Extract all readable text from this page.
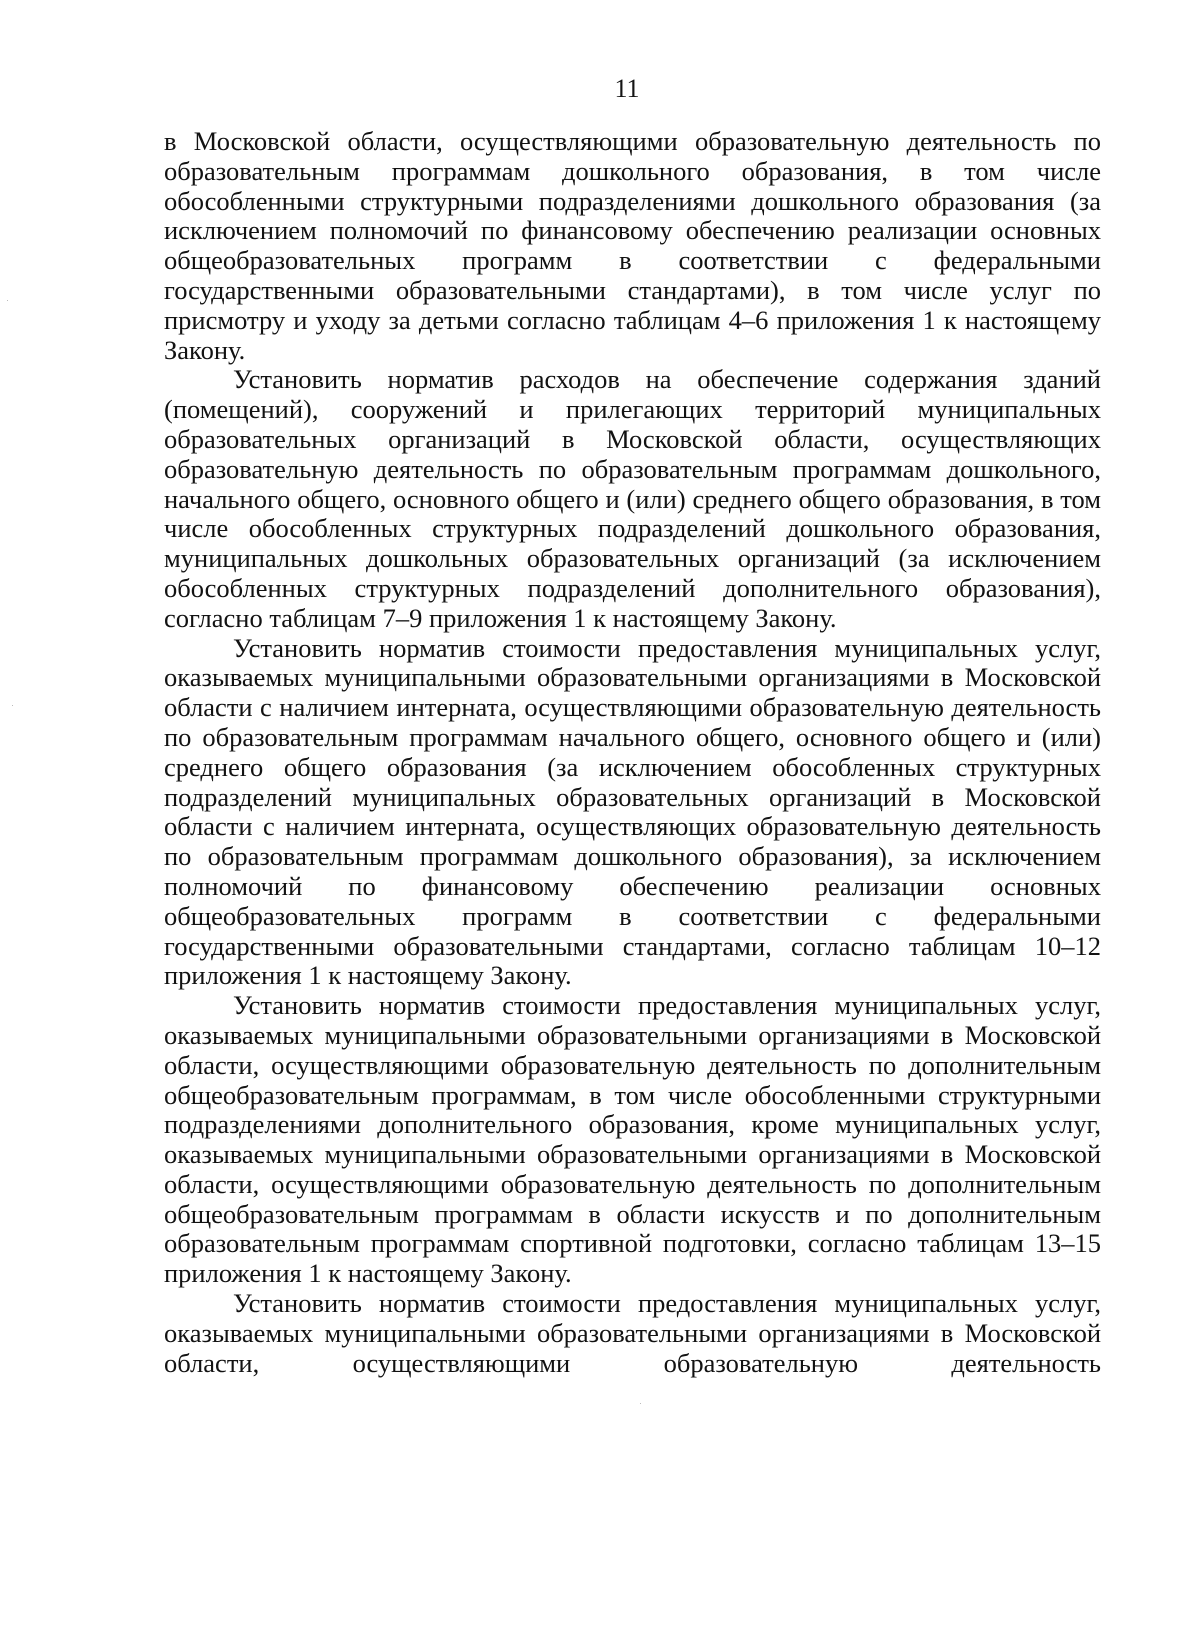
11

в Московской области, осуществляющими образовательную деятельность по образовательным программам дошкольного образования, в том числе обособленными структурными подразделениями дошкольного образования (за исключением полномочий по финансовому обеспечению реализации основных общеобразовательных программ в соответствии с федеральными государственными образовательными стандартами), в том числе услуг по присмотру и уходу за детьми согласно таблицам 4–6 приложения 1 к настоящему Закону.

Установить норматив расходов на обеспечение содержания зданий (помещений), сооружений и прилегающих территорий муниципальных образовательных организаций в Московской области, осуществляющих образовательную деятельность по образовательным программам дошкольного, начального общего, основного общего и (или) среднего общего образования, в том числе обособленных структурных подразделений дошкольного образования, муниципальных дошкольных образовательных организаций (за исключением обособленных структурных подразделений дополнительного образования), согласно таблицам 7–9 приложения 1 к настоящему Закону.

Установить норматив стоимости предоставления муниципальных услуг, оказываемых муниципальными образовательными организациями в Московской области с наличием интерната, осуществляющими образовательную деятельность по образовательным программам начального общего, основного общего и (или) среднего общего образования (за исключением обособленных структурных подразделений муниципальных образовательных организаций в Московской области с наличием интерната, осуществляющих образовательную деятельность по образовательным программам дошкольного образования), за исключением полномочий по финансовому обеспечению реализации основных общеобразовательных программ в соответствии с федеральными государственными образовательными стандартами, согласно таблицам 10–12 приложения 1 к настоящему Закону.

Установить норматив стоимости предоставления муниципальных услуг, оказываемых муниципальными образовательными организациями в Московской области, осуществляющими образовательную деятельность по дополнительным общеобразовательным программам, в том числе обособленными структурными подразделениями дополнительного образования, кроме муниципальных услуг, оказываемых муниципальными образовательными организациями в Московской области, осуществляющими образовательную деятельность по дополнительным общеобразовательным программам в области искусств и по дополнительным образовательным программам спортивной подготовки, согласно таблицам 13–15 приложения 1 к настоящему Закону.

Установить норматив стоимости предоставления муниципальных услуг, оказываемых муниципальными образовательными организациями в Московской области, осуществляющими образовательную деятельность
